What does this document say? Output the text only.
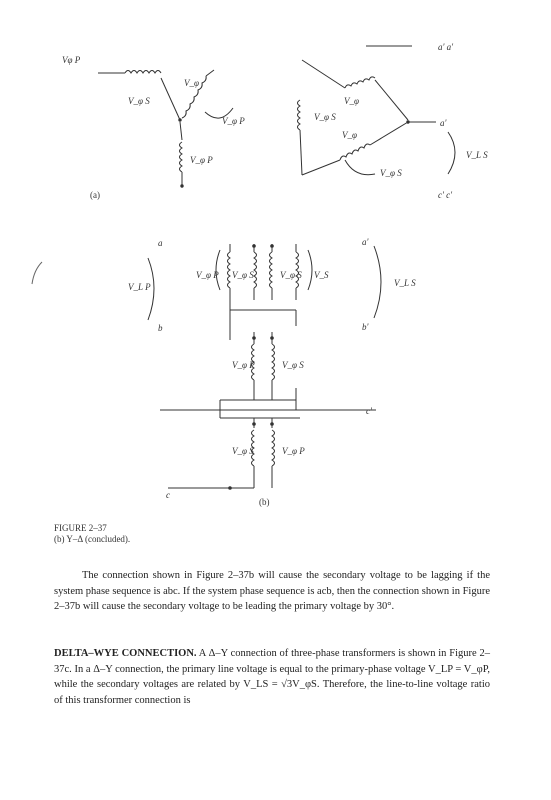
Vφ P
V_φ S
V_φ
V_φ P
V_φ P
(a)
a' a'
a'
c' c'
V_L S
V_φ S
V_φ
V_φ
V_φ S
a
b
V_L P
V_φ P V_φ S	V_φ S V_S
V_φ P	V_φ S
V_φ S	V_φ P
a'
b'
V_L S
c'
c
(b)
FIGURE 2–37
(b) Y–Δ (concluded).

The connection shown in Figure 2–37b will cause the secondary voltage to be lagging if the system phase sequence is abc. If the system phase sequence is acb, then the connection shown in Figure 2–37b will cause the secondary voltage to be leading the primary voltage by 30°.

DELTA–WYE CONNECTION. A Δ–Y connection of three-phase transformers is shown in Figure 2–37c. In a Δ–Y connection, the primary line voltage is equal to the primary-phase voltage V_LP = V_φP, while the secondary voltages are related by V_LS = √3V_φS. Therefore, the line-to-line voltage ratio of this transformer connection is
